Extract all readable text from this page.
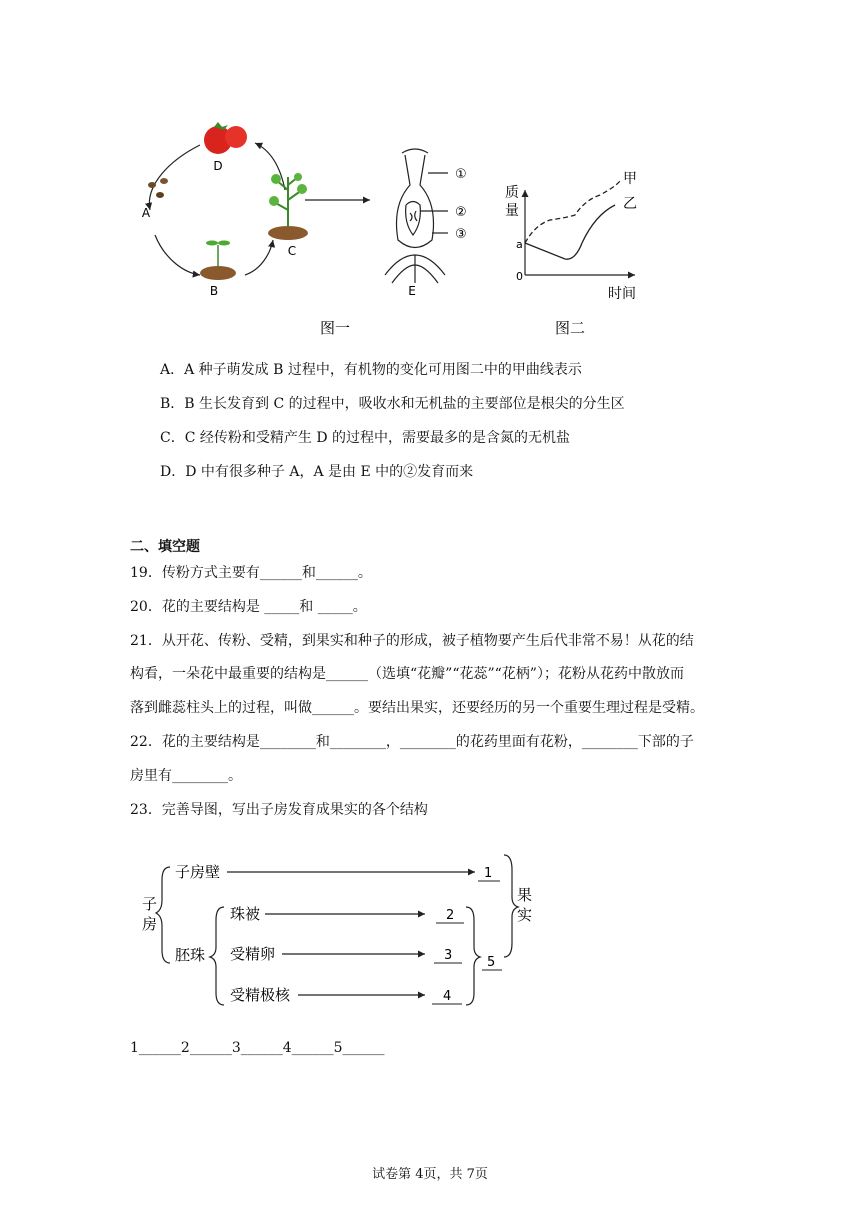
D
A
B
C
①
②
③
E
质
量
a
0
时间
甲
乙
图一	图二
A．A 种子萌发成 B 过程中，有机物的变化可用图二中的甲曲线表示
B．B 生长发育到 C 的过程中，吸收水和无机盐的主要部位是根尖的分生区
C．C 经传粉和受精产生 D 的过程中，需要最多的是含氮的无机盐
D．D 中有很多种子 A，A 是由 E 中的②发育而来
二、填空题
19．传粉方式主要有______和______。
20．花的主要结构是 _____和 _____。
21．从开花、传粉、受精，到果实和种子的形成，被子植物要产生后代非常不易！从花的结
构看，一朵花中最重要的结构是______（选填“花瓣”“花蕊”“花柄”）；花粉从花药中散放而
落到雌蕊柱头上的过程，叫做______。要结出果实，还要经历的另一个重要生理过程是受精。
22．花的主要结构是________和________，________的花药里面有花粉，________下部的子
房里有________。
23．完善导图，写出子房发育成果实的各个结构
子
房
子房壁	1
胚珠
珠被	2
受精卵	3
受精极核	4
5
果
实
1______2______3______4______5______
试卷第 4页，共 7页
